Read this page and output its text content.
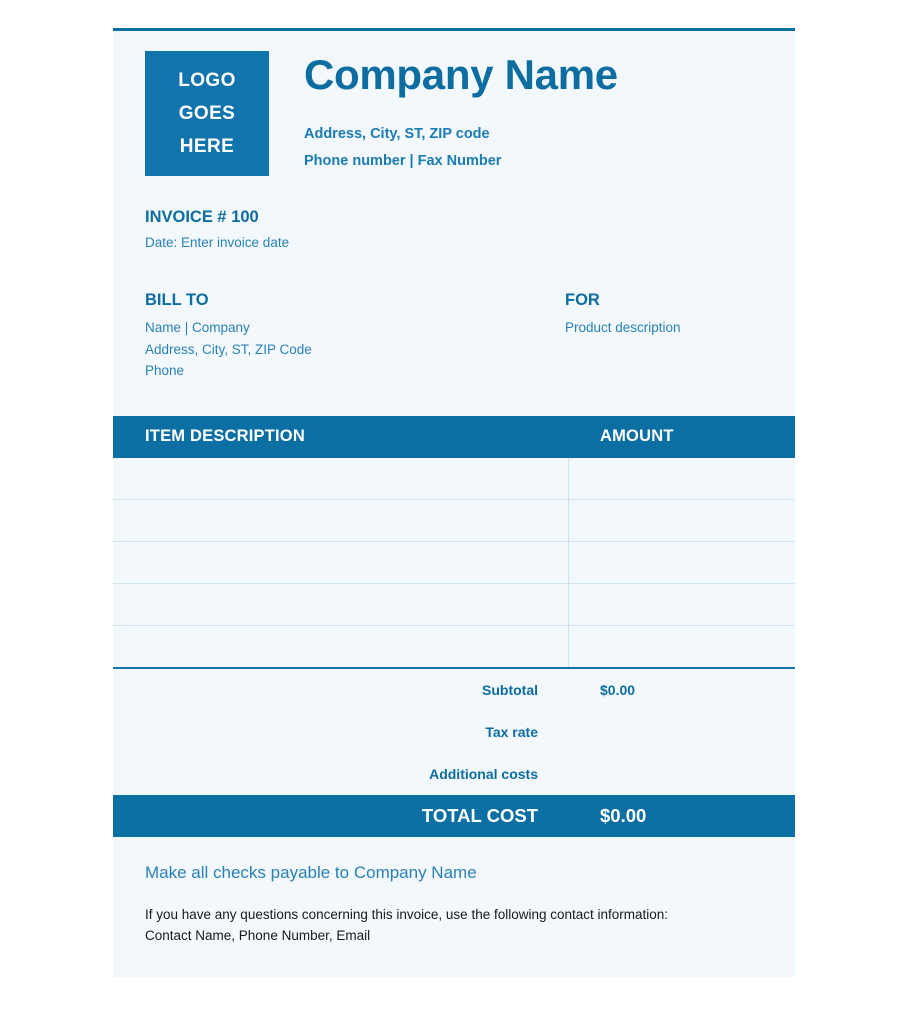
LOGO
GOES
HERE
Company Name
Address, City, ST, ZIP code
Phone number | Fax Number
INVOICE # 100
Date: Enter invoice date
BILL TO
Name | Company
Address, City, ST, ZIP Code
Phone
FOR
Product description
ITEM DESCRIPTION	AMOUNT

Subtotal	$0.00
Tax rate	
Additional costs	
TOTAL COST	$0.00
Make all checks payable to Company Name
If you have any questions concerning this invoice, use the following contact information:
Contact Name, Phone Number, Email
